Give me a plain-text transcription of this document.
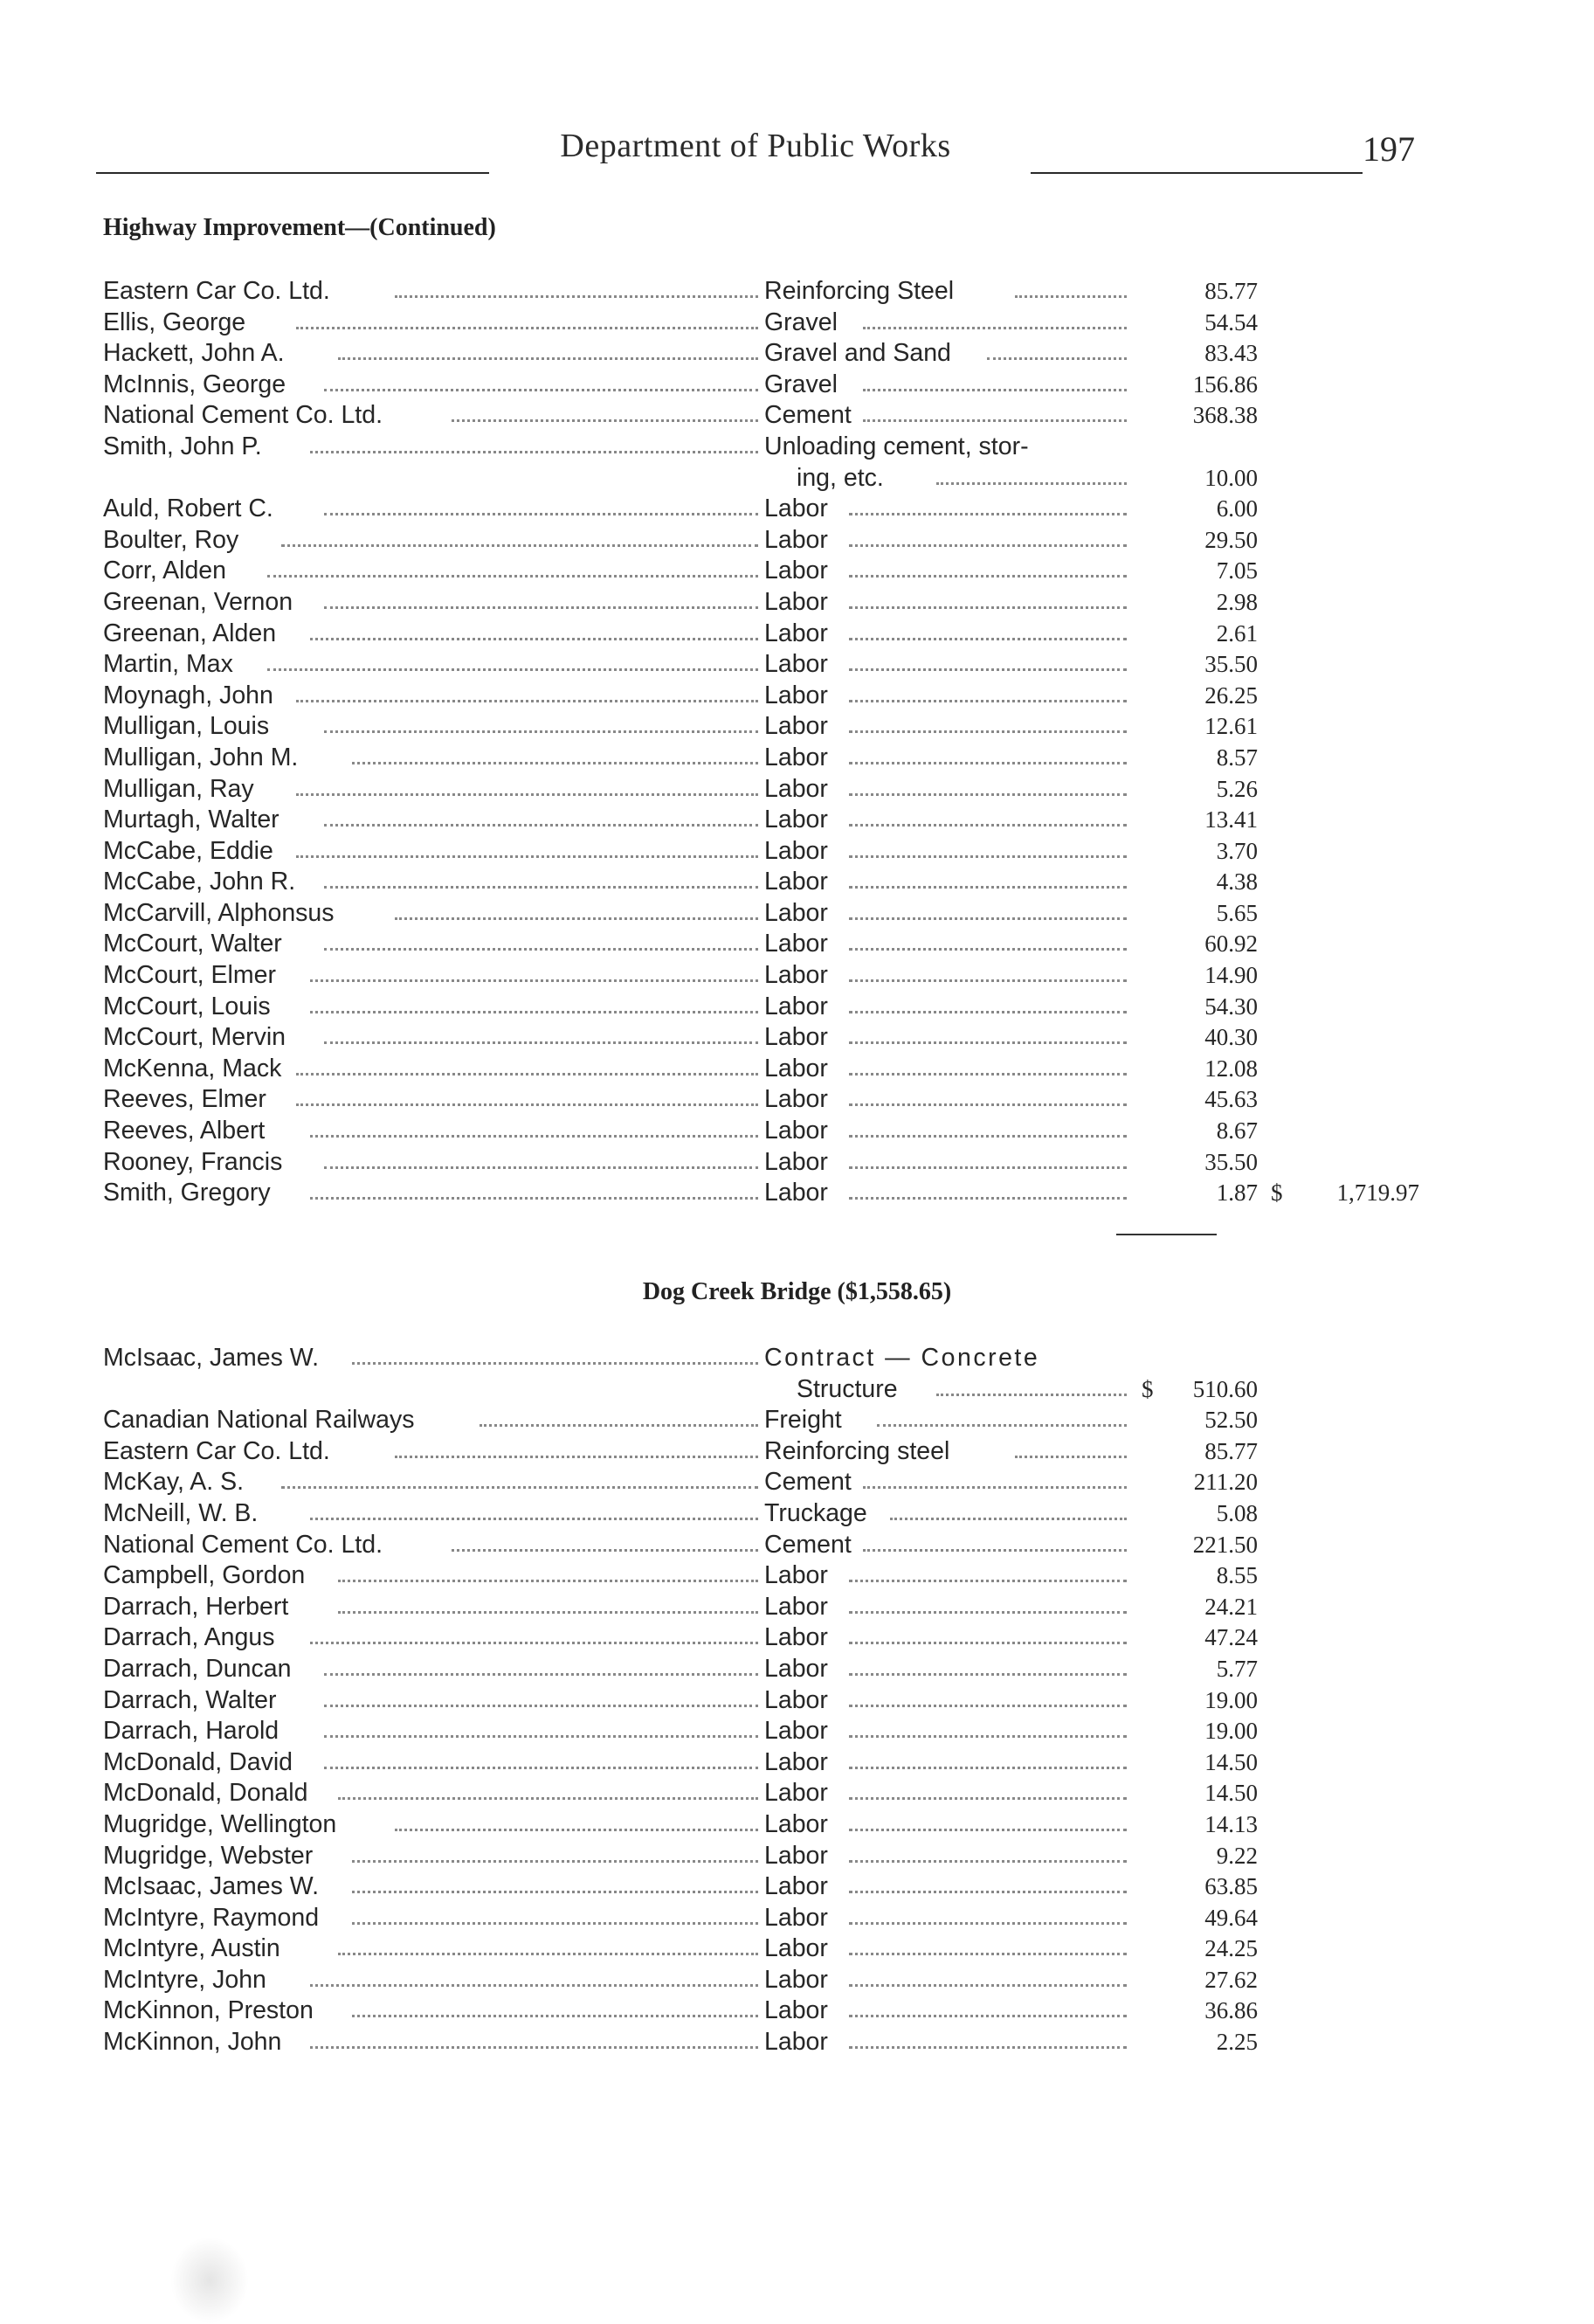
Department of Public Works	197
Highway Improvement—(Continued)
Eastern Car Co. Ltd.	Reinforcing Steel	85.77
Ellis, George	Gravel	54.54
Hackett, John A.	Gravel and Sand	83.43
McInnis, George	Gravel	156.86
National Cement Co. Ltd.	Cement	368.38
Smith, John P.	Unloading cement, stor-
ing, etc.	10.00
Auld, Robert C.	Labor	6.00
Boulter, Roy	Labor	29.50
Corr, Alden	Labor	7.05
Greenan, Vernon	Labor	2.98
Greenan, Alden	Labor	2.61
Martin, Max	Labor	35.50
Moynagh, John	Labor	26.25
Mulligan, Louis	Labor	12.61
Mulligan, John M.	Labor	8.57
Mulligan, Ray	Labor	5.26
Murtagh, Walter	Labor	13.41
McCabe, Eddie	Labor	3.70
McCabe, John R.	Labor	4.38
McCarvill, Alphonsus	Labor	5.65
McCourt, Walter	Labor	60.92
McCourt, Elmer	Labor	14.90
McCourt, Louis	Labor	54.30
McCourt, Mervin	Labor	40.30
McKenna, Mack	Labor	12.08
Reeves, Elmer	Labor	45.63
Reeves, Albert	Labor	8.67
Rooney, Francis	Labor	35.50
Smith, Gregory	Labor	1.87 $ 1,719.97
Dog Creek Bridge ($1,558.65)
McIsaac, James W.	Contract — Concrete
Structure	$ 510.60
Canadian National Railways	Freight	52.50
Eastern Car Co. Ltd.	Reinforcing steel	85.77
McKay, A. S.	Cement	211.20
McNeill, W. B.	Truckage	5.08
National Cement Co. Ltd.	Cement	221.50
Campbell, Gordon	Labor	8.55
Darrach, Herbert	Labor	24.21
Darrach, Angus	Labor	47.24
Darrach, Duncan	Labor	5.77
Darrach, Walter	Labor	19.00
Darrach, Harold	Labor	19.00
McDonald, David	Labor	14.50
McDonald, Donald	Labor	14.50
Mugridge, Wellington	Labor	14.13
Mugridge, Webster	Labor	9.22
McIsaac, James W.	Labor	63.85
McIntyre, Raymond	Labor	49.64
McIntyre, Austin	Labor	24.25
McIntyre, John	Labor	27.62
McKinnon, Preston	Labor	36.86
McKinnon, John	Labor	2.25
